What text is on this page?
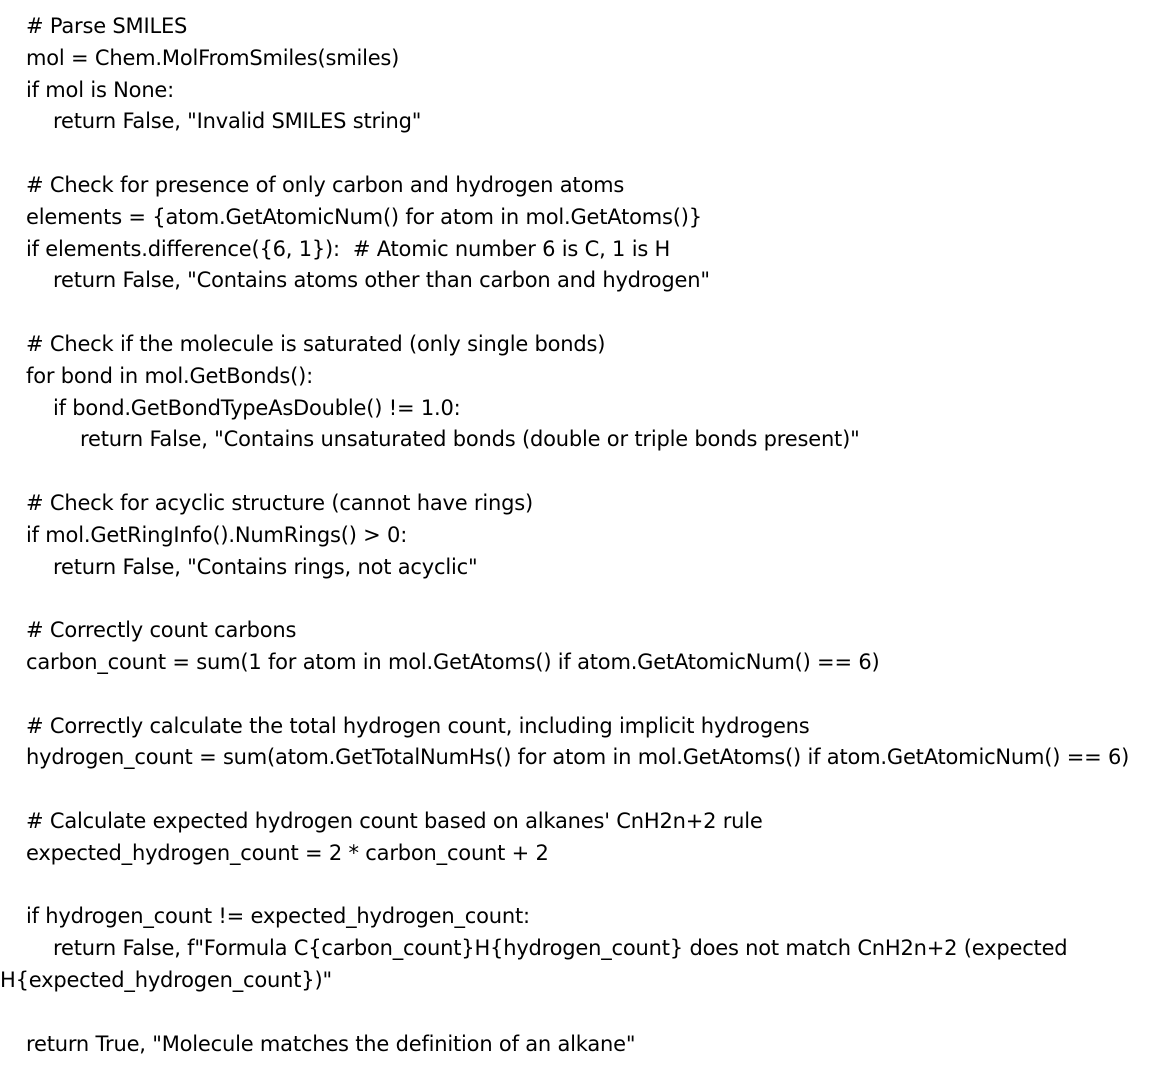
# Parse SMILES
mol = Chem.MolFromSmiles(smiles)
if mol is None:
return False, "Invalid SMILES string"
# Check for presence of only carbon and hydrogen atoms
elements = {atom.GetAtomicNum() for atom in mol.GetAtoms()}
if elements.difference({6, 1}):  # Atomic number 6 is C, 1 is H
return False, "Contains atoms other than carbon and hydrogen"
# Check if the molecule is saturated (only single bonds)
for bond in mol.GetBonds():
if bond.GetBondTypeAsDouble() != 1.0:
return False, "Contains unsaturated bonds (double or triple bonds present)"
# Check for acyclic structure (cannot have rings)
if mol.GetRingInfo().NumRings() > 0:
return False, "Contains rings, not acyclic"
# Correctly count carbons
carbon_count = sum(1 for atom in mol.GetAtoms() if atom.GetAtomicNum() == 6)
# Correctly calculate the total hydrogen count, including implicit hydrogens
hydrogen_count = sum(atom.GetTotalNumHs() for atom in mol.GetAtoms() if atom.GetAtomicNum() == 6)
# Calculate expected hydrogen count based on alkanes' CnH2n+2 rule
expected_hydrogen_count = 2 * carbon_count + 2
if hydrogen_count != expected_hydrogen_count:
return False, f"Formula C{carbon_count}H{hydrogen_count} does not match CnH2n+2 (expected
H{expected_hydrogen_count})"
return True, "Molecule matches the definition of an alkane"
